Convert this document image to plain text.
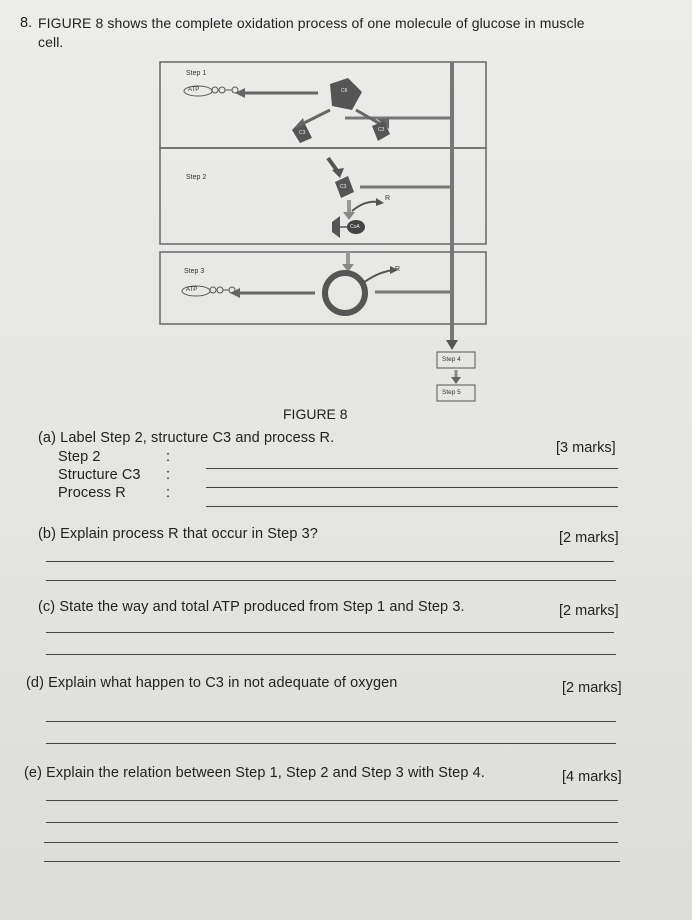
8. FIGURE 8 shows the complete oxidation process of one molecule of glucose in muscle
cell.
Step 1
ATP	C6
C3	C3
Step 2
C3
R
CoA
Step 3	R
ATP
Step 4
Step 5
FIGURE 8
(a) Label Step 2, structure C3 and process R.
[3 marks]
Step 2	:
Structure C3 :
Process R	:
(b) Explain process R that occur in Step 3?	[2 marks]
(c) State the way and total ATP produced from Step 1 and Step 3.	[2 marks]
(d) Explain what happen to C3 in not adequate of oxygen	[2 marks]
(e) Explain the relation between Step 1, Step 2 and Step 3 with Step 4.	[4 marks]
